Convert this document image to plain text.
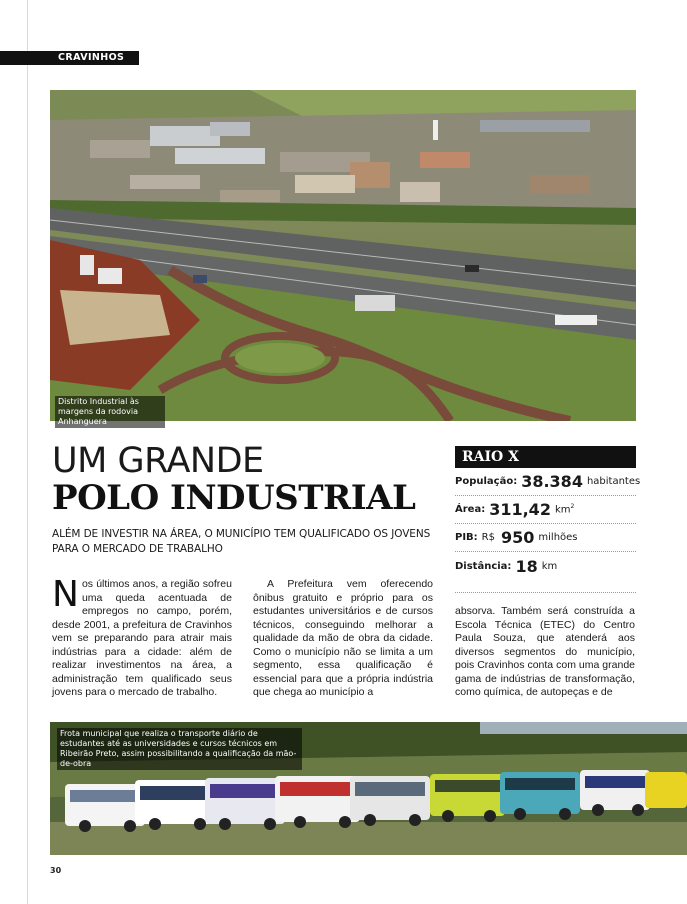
CRAVINHOS
Distrito Industrial às margens da rodovia Anhanguera
UM GRANDE
POLO INDUSTRIAL
ALÉM DE INVESTIR NA ÁREA, O MUNICÍPIO TEM QUALIFICADO OS JOVENS PARA O MERCADO DE TRABALHO
RAIO X
População: 38.384 habitantes
Área: 311,42 $km^2$
PIB: R$ 950 milhões
Distância: 18 km
N os últimos anos, a região sofreu uma queda acentuada de empregos no campo, porém, desde 2001, a prefeitura de Cravinhos vem se preparando para atrair mais indústrias para a cidade: além de realizar investimentos na área, a administração tem qualificado seus jovens para o mercado de trabalho.

A Prefeitura vem oferecendo ônibus gratuito e próprio para os estudantes universitários e de cursos técnicos, conseguindo melhorar a qualidade da mão de obra da cidade. Como o município não se limita a um segmento, essa qualificação é essencial para que a própria indústria que chega ao município a

absorva. Também será construída a Escola Técnica (ETEC) do Centro Paula Souza, que atenderá aos diversos segmentos do município, pois Cravinhos conta com uma grande gama de indústrias de transformação, como química, de autopeças e de

Frota municipal que realiza o transporte diário de estudantes até as universidades e cursos técnicos em Ribeirão Preto, assim possibilitando a qualificação da mão-de-obra
30
